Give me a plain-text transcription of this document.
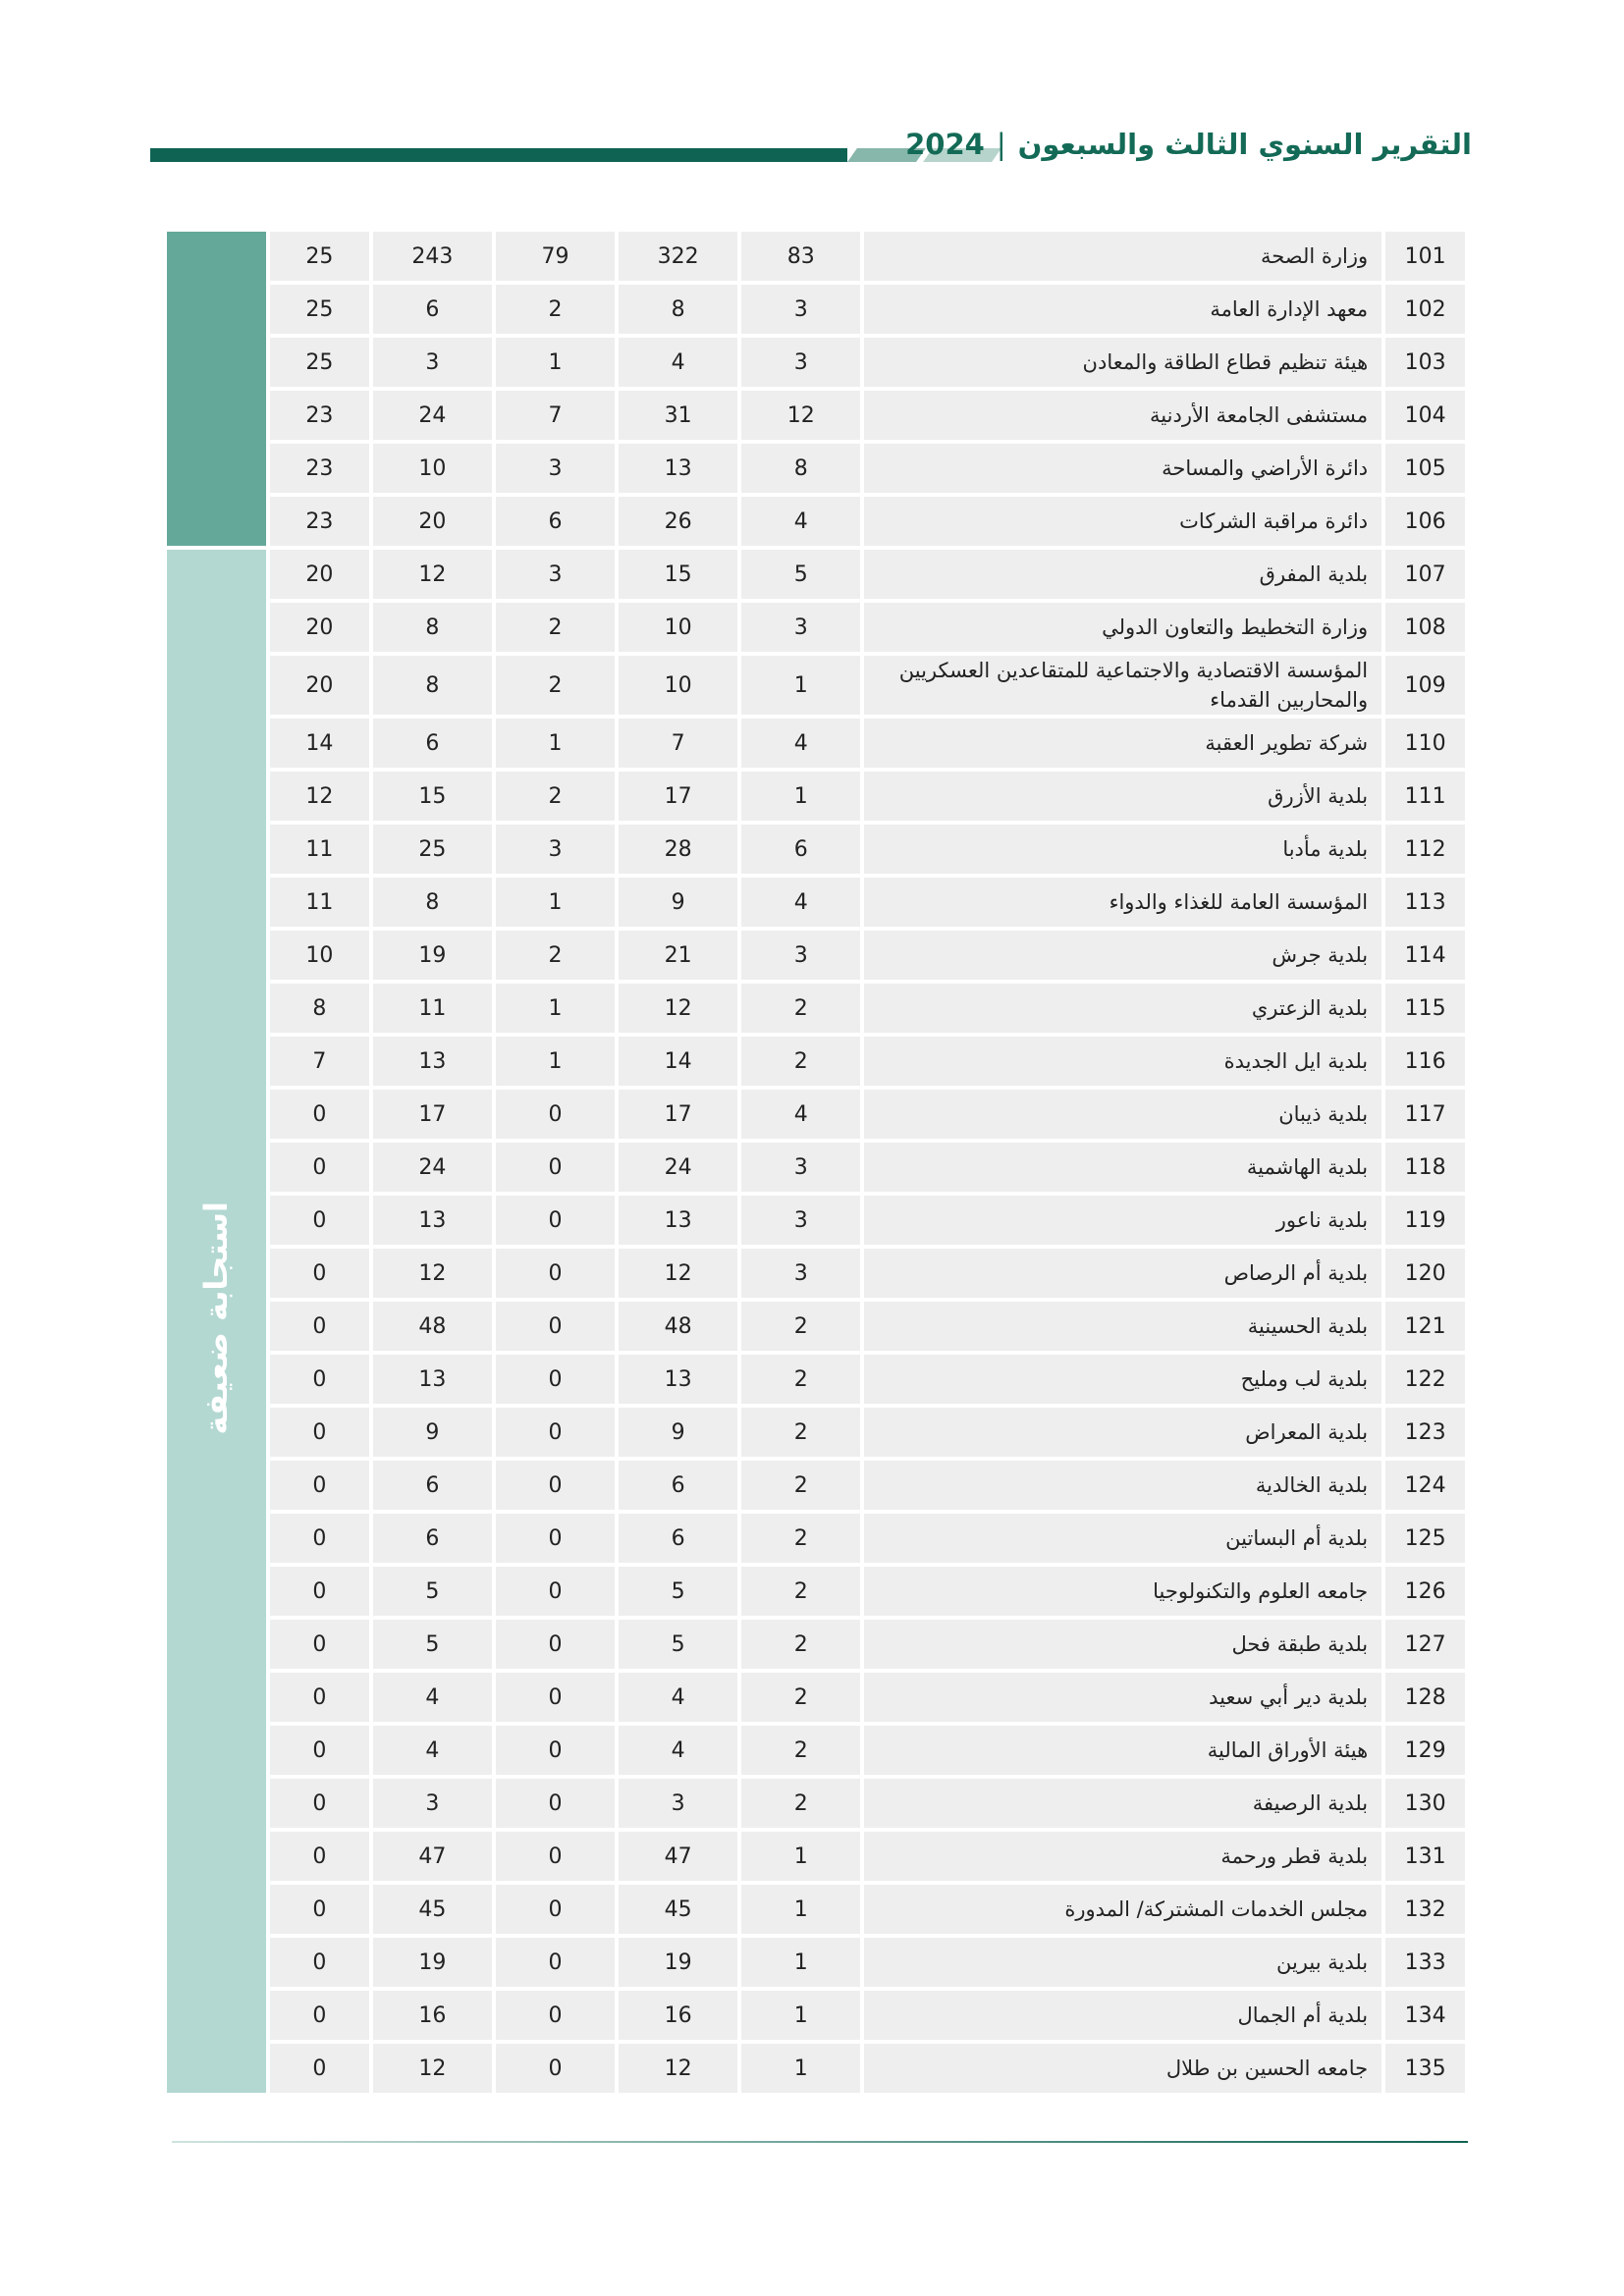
التقرير السنوي الثالث والسبعون
|
2024
	25	243	79	322	83	وزارة الصحة	101
	25	6	2	8	3	معهد الإدارة العامة	102
	25	3	1	4	3	هيئة تنظيم قطاع الطاقة والمعادن	103
	23	24	7	31	12	مستشفى الجامعة الأردنية	104
	23	10	3	13	8	دائرة الأراضي والمساحة	105
	23	20	6	26	4	دائرة مراقبة الشركات	106
استجابة ضعيفة	20	12	3	15	5	بلدية المفرق	107
	20	8	2	10	3	وزارة التخطيط والتعاون الدولي	108
	20	8	2	10	1	المؤسسة الاقتصادية والاجتماعية للمتقاعدين العسكريين والمحاربين القدماء	109
	14	6	1	7	4	شركة تطوير العقبة	110
	12	15	2	17	1	بلدية الأزرق	111
	11	25	3	28	6	بلدية مأدبا	112
	11	8	1	9	4	المؤسسة العامة للغذاء والدواء	113
	10	19	2	21	3	بلدية جرش	114
	8	11	1	12	2	بلدية الزعتري	115
	7	13	1	14	2	بلدية ايل الجديدة	116
	0	17	0	17	4	بلدية ذيبان	117
	0	24	0	24	3	بلدية الهاشمية	118
	0	13	0	13	3	بلدية ناعور	119
	0	12	0	12	3	بلدية أم الرصاص	120
	0	48	0	48	2	بلدية الحسينية	121
	0	13	0	13	2	بلدية لب ومليح	122
	0	9	0	9	2	بلدية المعراض	123
	0	6	0	6	2	بلدية الخالدية	124
	0	6	0	6	2	بلدية أم البساتين	125
	0	5	0	5	2	جامعه العلوم والتكنولوجيا	126
	0	5	0	5	2	بلدية طبقة فحل	127
	0	4	0	4	2	بلدية دير أبي سعيد	128
	0	4	0	4	2	هيئة الأوراق المالية	129
	0	3	0	3	2	بلدية الرصيفة	130
	0	47	0	47	1	بلدية قطر ورحمة	131
	0	45	0	45	1	مجلس الخدمات المشتركة/ المدورة	132
	0	19	0	19	1	بلدية بيرين	133
	0	16	0	16	1	بلدية أم الجمال	134
	0	12	0	12	1	جامعه الحسين بن طلال	135
